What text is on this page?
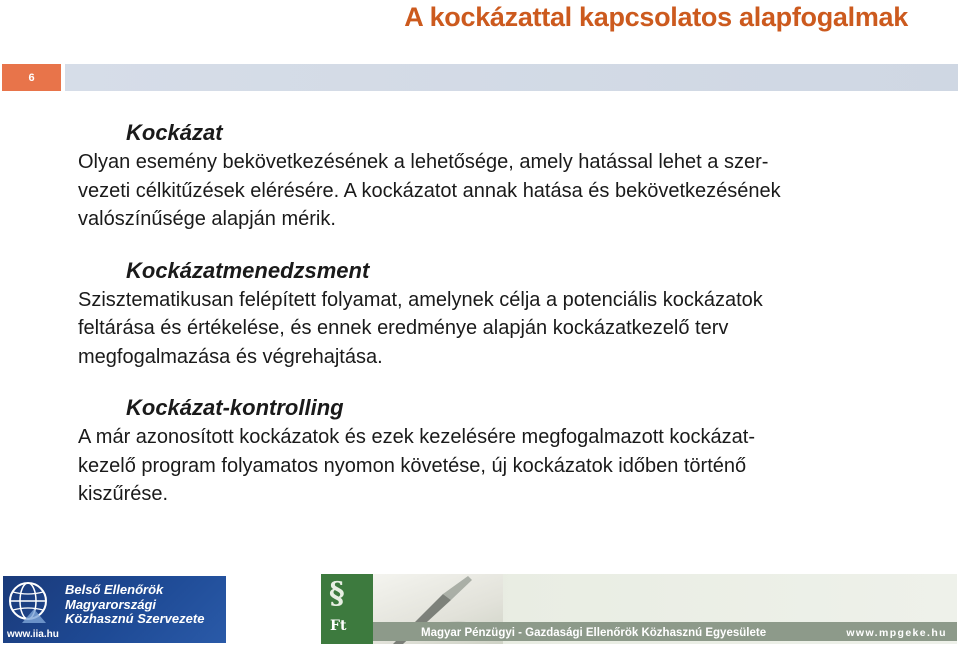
A kockázattal kapcsolatos alapfogalmak
6
Kockázat
Olyan esemény bekövetkezésének a lehetősége, amely hatással lehet a szer-
vezeti célkitűzések elérésére. A kockázatot annak hatása és bekövetkezésének
valószínűsége alapján mérik.
Kockázatmenedzsment
Szisztematikusan felépített folyamat, amelynek célja a potenciális kockázatok
feltárása és értékelése, és ennek eredménye alapján kockázatkezelő terv
megfogalmazása és végrehajtása.
Kockázat-kontrolling
A már azonosított kockázatok és ezek kezelésére megfogalmazott kockázat-
kezelő program folyamatos nyomon követése, új kockázatok időben történő
kiszűrése.
Belső Ellenőrök
Magyarországi
Közhasznú Szervezete
www.iia.hu
§
Ft	Magyar Pénzügyi - Gazdasági Ellenőrök Közhasznú Egyesülete	www.mpgeke.hu
